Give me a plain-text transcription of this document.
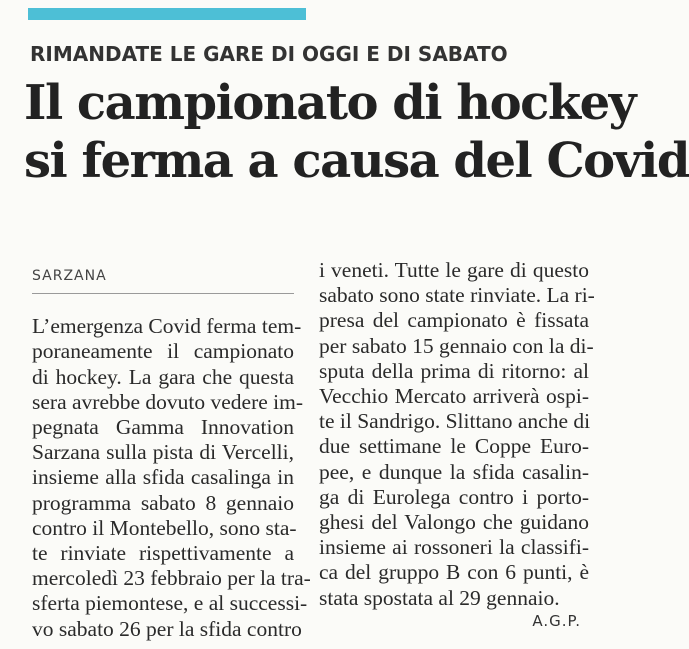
RIMANDATE LE GARE DI OGGI E DI SABATO
Il campionato di hockey
si ferma a causa del Covid
SARZANA
L’emergenza Covid ferma tem-
poraneamente il campionato
di hockey. La gara che questa
sera avrebbe dovuto vedere im-
pegnata Gamma Innovation
Sarzana sulla pista di Vercelli,
insieme alla sfida casalinga in
programma sabato 8 gennaio
contro il Montebello, sono sta-
te rinviate rispettivamente a
mercoledì 23 febbraio per la tra-
sferta piemontese, e al successi-
vo sabato 26 per la sfida contro
i veneti. Tutte le gare di questo
sabato sono state rinviate. La ri-
presa del campionato è fissata
per sabato 15 gennaio con la di-
sputa della prima di ritorno: al
Vecchio Mercato arriverà ospi-
te il Sandrigo. Slittano anche di
due settimane le Coppe Euro-
pee, e dunque la sfida casalin-
ga di Eurolega contro i porto-
ghesi del Valongo che guidano
insieme ai rossoneri la classifi-
ca del gruppo B con 6 punti, è
stata spostata al 29 gennaio.
A.G.P.
